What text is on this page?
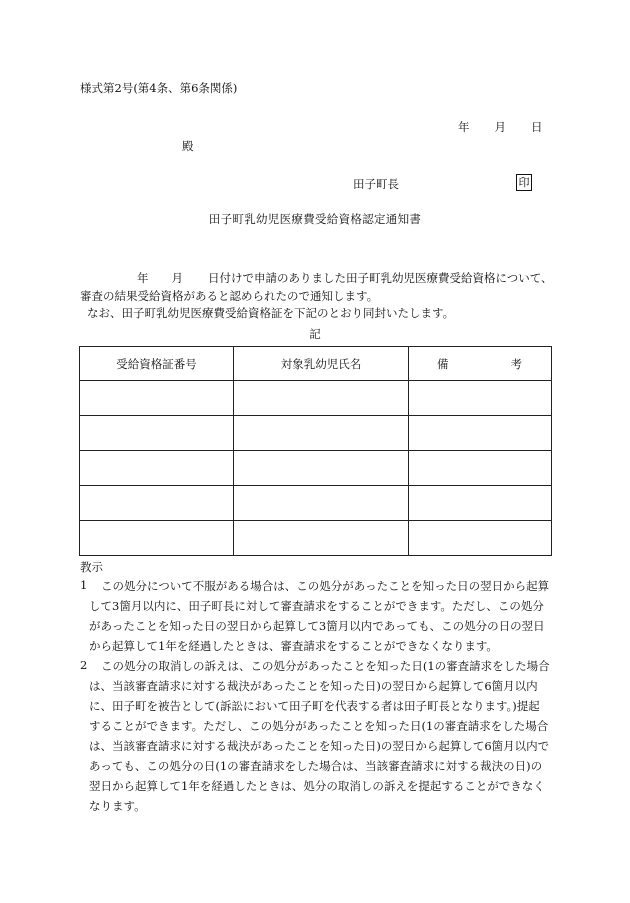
様式第2号(第4条、第6条関係)
年 月 日
殿
田子町長	印
田子町乳幼児医療費受給資格認定通知書
年 月 日付けで申請のありました田子町乳幼児医療費受給資格について、
審査の結果受給資格があると認められたので通知します。
なお、田子町乳幼児医療費受給資格証を下記のとおり同封いたします。
記
受給資格証番号	対象乳幼児氏名	備 考

教示
1 この処分について不服がある場合は、この処分があったことを知った日の翌日から起算
して3箇月以内に、田子町長に対して審査請求をすることができます。ただし、この処分
があったことを知った日の翌日から起算して3箇月以内であっても、この処分の日の翌日
から起算して1年を経過したときは、審査請求をすることができなくなります。
2 この処分の取消しの訴えは、この処分があったことを知った日(1の審査請求をした場合
は、当該審査請求に対する裁決があったことを知った日)の翌日から起算して6箇月以内
に、田子町を被告として(訴訟において田子町を代表する者は田子町長となります。)提起
することができます。ただし、この処分があったことを知った日(1の審査請求をした場合
は、当該審査請求に対する裁決があったことを知った日)の翌日から起算して6箇月以内で
あっても、この処分の日(1の審査請求をした場合は、当該審査請求に対する裁決の日)の
翌日から起算して1年を経過したときは、処分の取消しの訴えを提起することができなく
なります。
